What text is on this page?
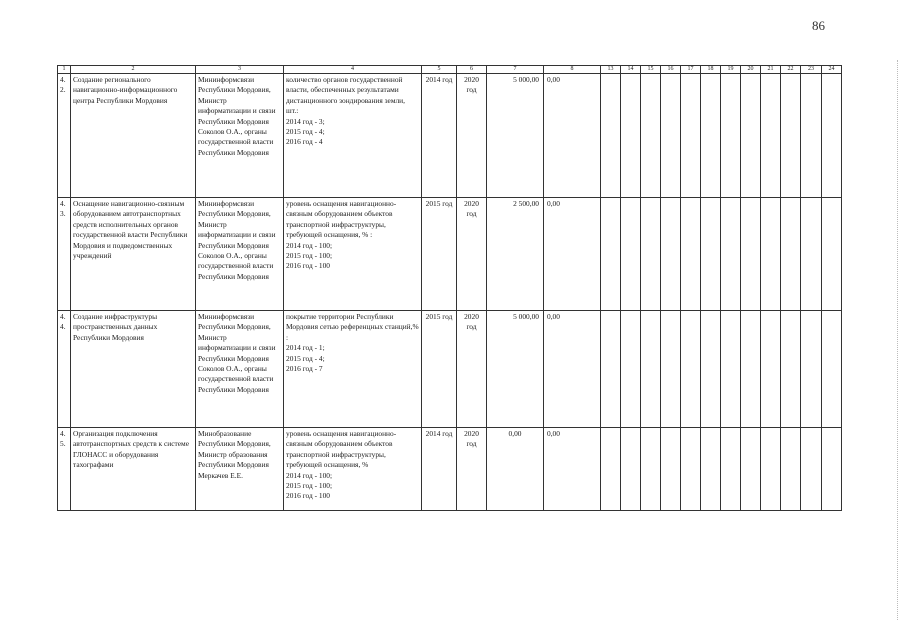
86
1	2	3	4	5	6	7	8	13	14	15	16	17	18	19	20	21	22	23	24
4.2.	Создание регионального навигационно-информационного центра Республики Мордовия	Мининформсвязи Республики Мордовия, Министр информатизации и связи Республики Мордовия Соколов О.А., органы государственной власти Республики Мордовия	количество органов государственной власти, обеспеченных результатами дистанционного зондирования земли, шт.:
2014 год - 3;
2015 год - 4;
2016 год - 4	2014 год	2020 год	5 000,00	0,00												
4.3.	Оснащение навигационно-связным оборудованием автотранспортных средств исполнительных органов государственной власти Республики Мордовия и подведомственных учреждений	Мининформсвязи Республики Мордовия, Министр информатизации и связи Республики Мордовия Соколов О.А., органы государственной власти Республики Мордовия	уровень оснащения навигационно-связным оборудованием объектов транспортной инфраструктуры, требующей оснащения, % :
2014 год - 100;
2015 год - 100;
2016 год - 100	2015 год	2020 год	2 500,00	0,00												
4.4.	Создание инфраструктуры пространственных данных Республики Мордовия	Мининформсвязи Республики Мордовия, Министр информатизации и связи Республики Мордовия Соколов О.А., органы государственной власти Республики Мордовия	покрытие территории Республики Мордовия сетью референцных станций,% :
2014 год - 1;
2015 год - 4;
2016 год - 7	2015 год	2020 год	5 000,00	0,00												
4.5.	Организация подключения автотранспортных средств к системе ГЛОНАСС и оборудования тахографами	Минобразование Республики Мордовия, Министр образования Республики Мордовия Меркачев Е.Е.	уровень оснащения навигационно-связным оборудованием объектов транспортной инфраструктуры, требующей оснащения, %
2014 год - 100;
2015 год - 100;
2016 год - 100	2014 год	2020 год	0,00	0,00												
